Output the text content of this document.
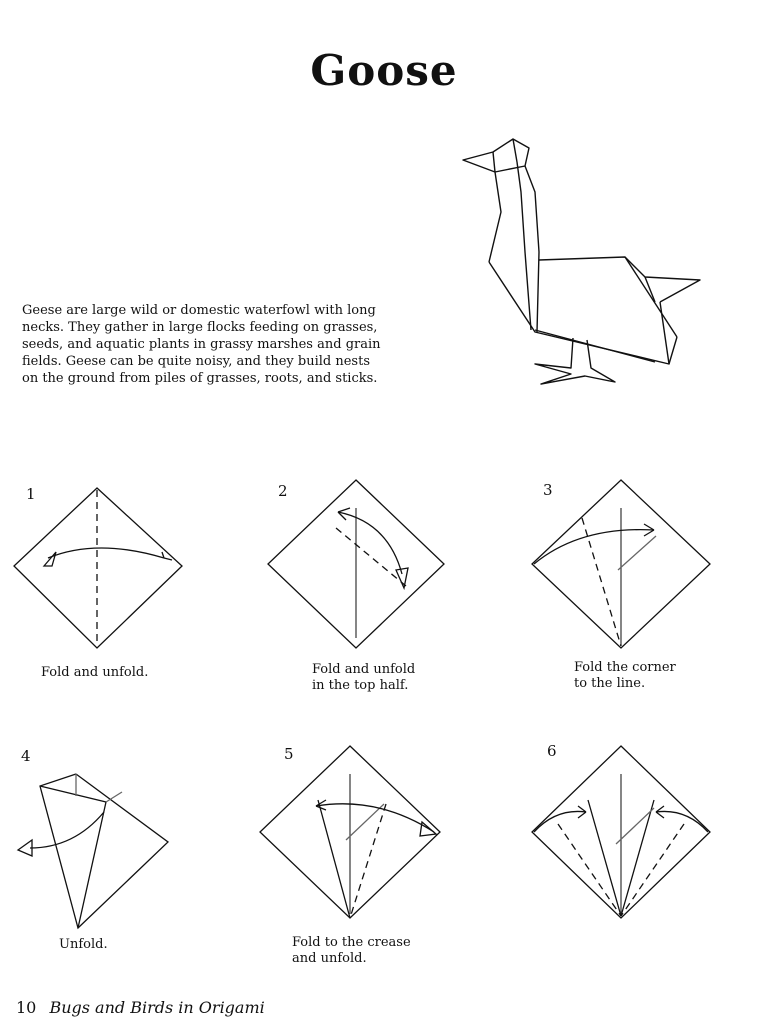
Goose
Geese are large wild or domestic waterfowl with long
necks. They gather in large flocks feeding on grasses,
seeds, and aquatic plants in grassy marshes and grain
fields. Geese can be quite noisy, and they build nests
on the ground from piles of grasses, roots, and sticks.
1	2	3
4	5	6
Fold and unfold.	Fold and unfold
in the top half.
Fold the corner
to the line.
Unfold.	Fold to the crease
and unfold.
10 Bugs and Birds in Origami
